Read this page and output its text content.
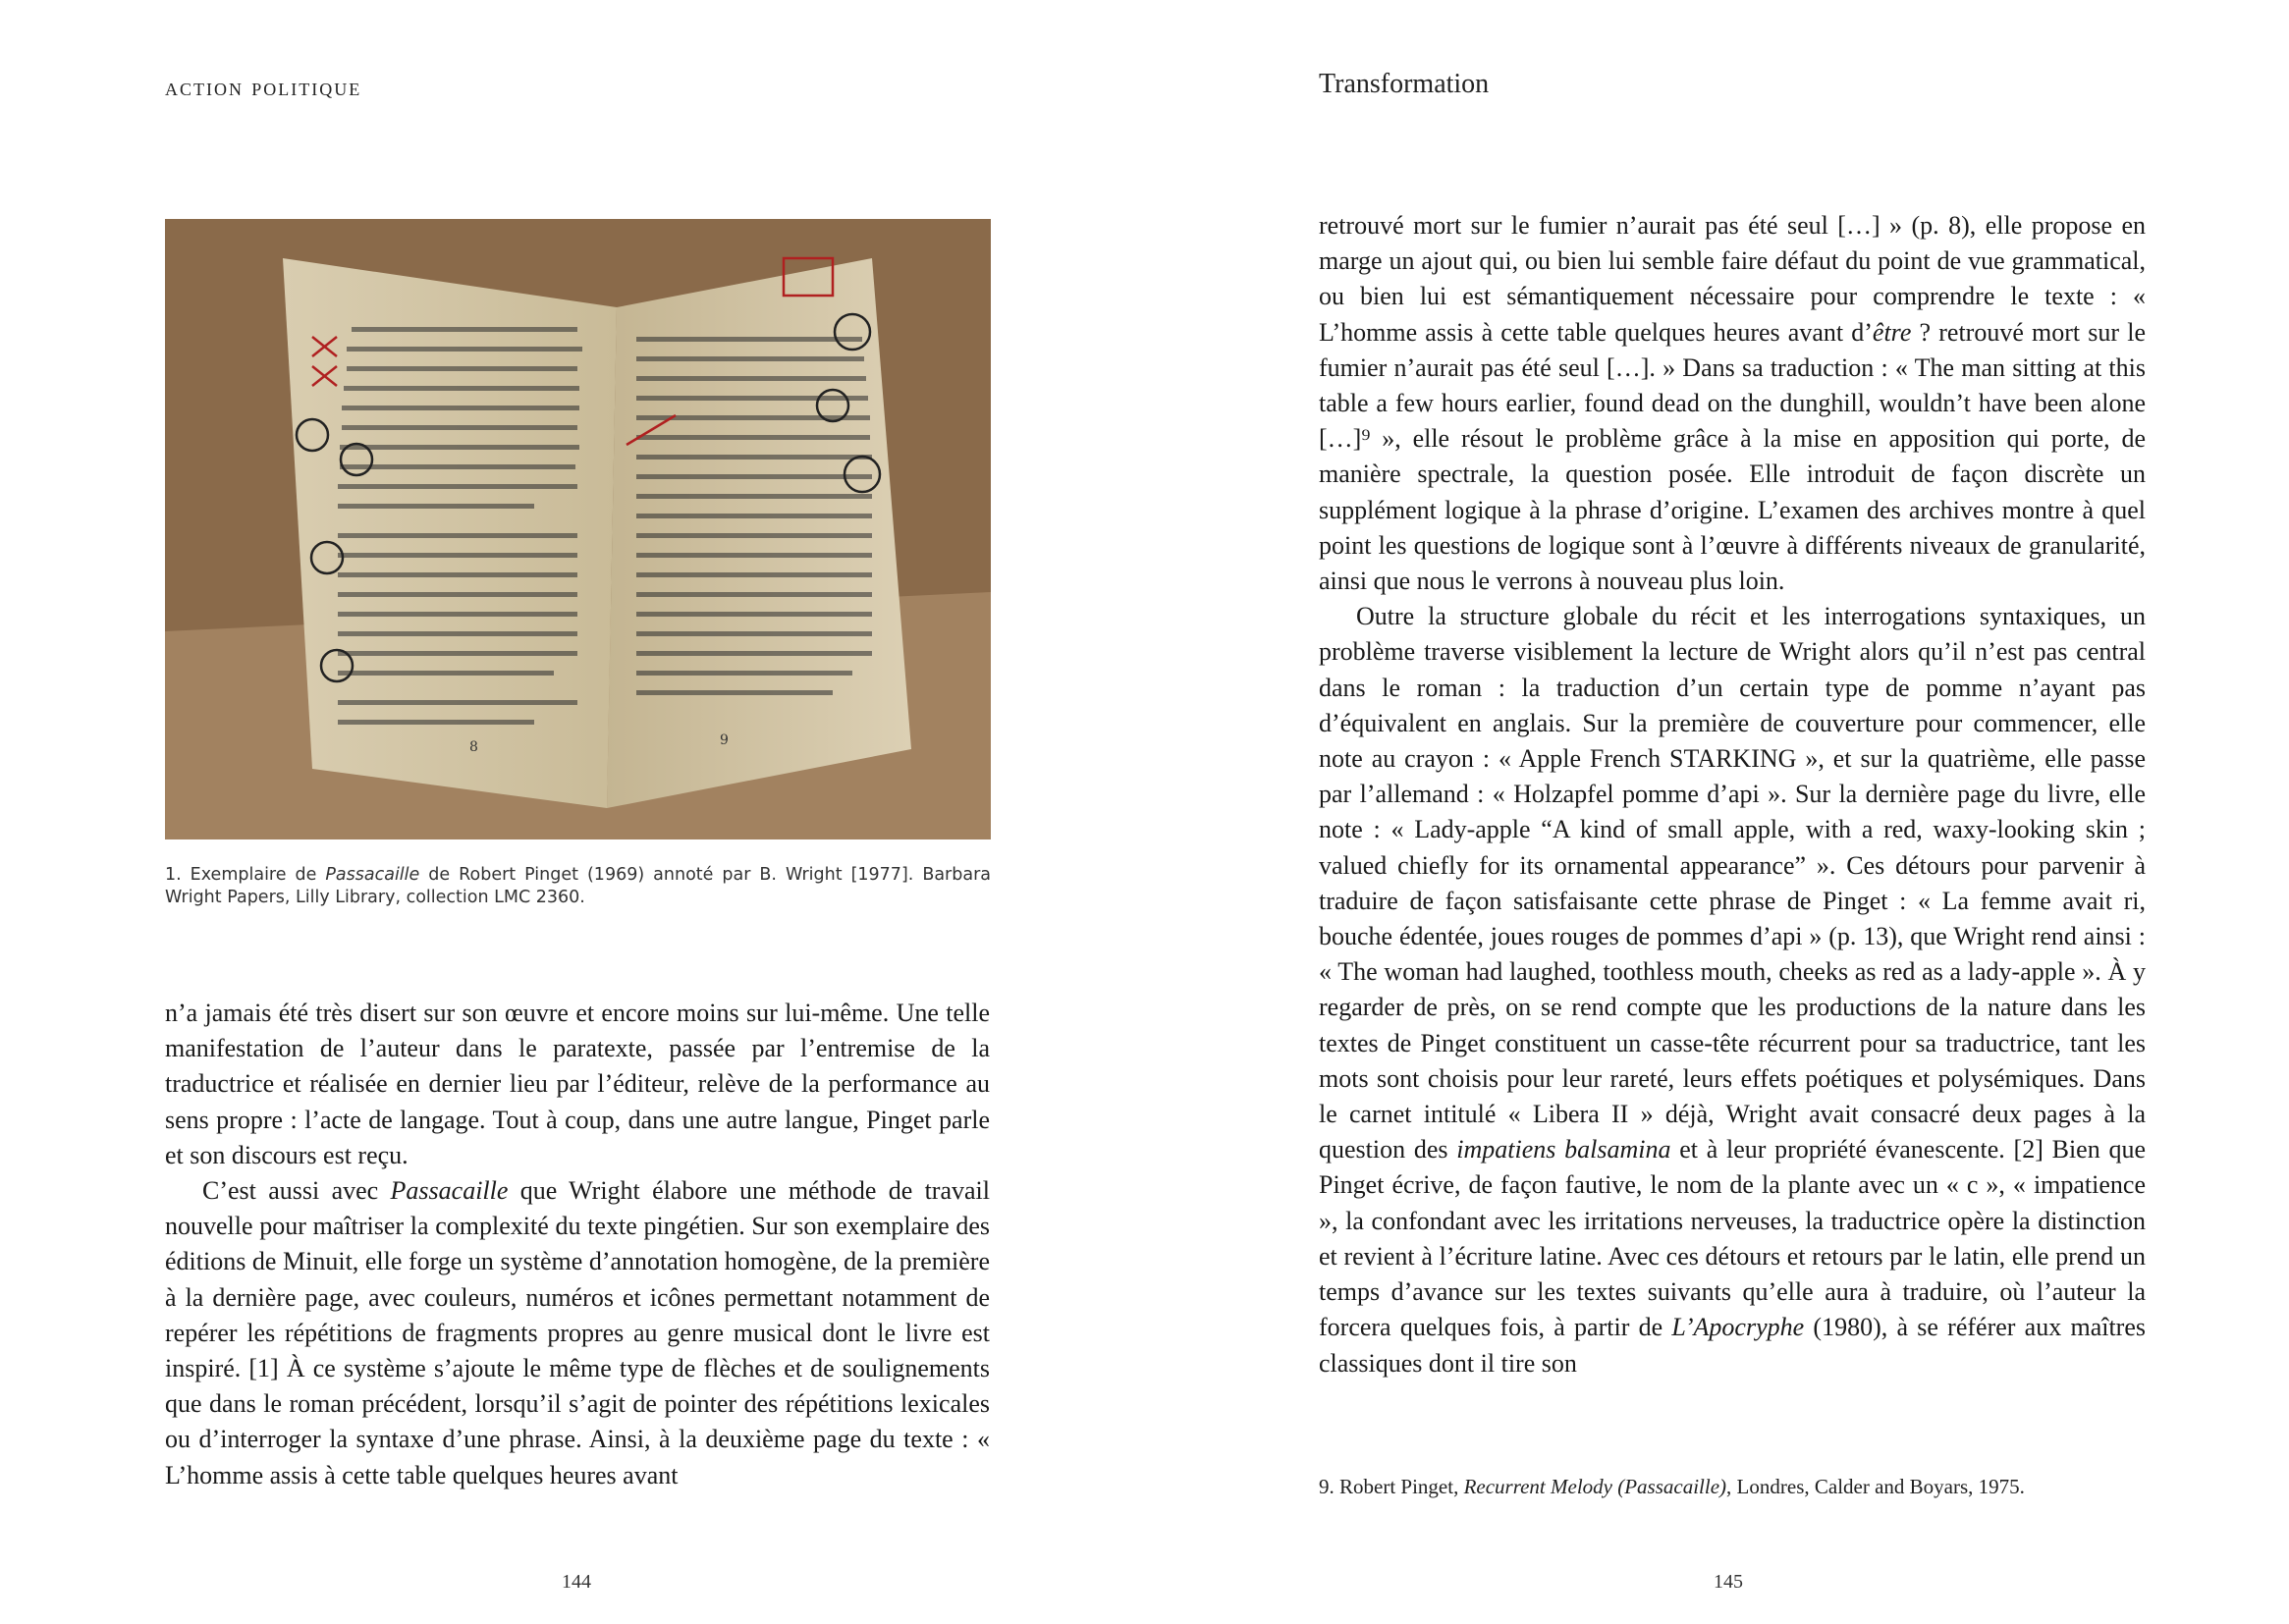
action politique	Transformation
8	9
1. Exemplaire de Passacaille de Robert Pinget (1969) annoté par B. Wright [1977]. Barbara Wright Papers, Lilly Library, collection LMC 2360.

n’a jamais été très disert sur son œuvre et encore moins sur lui-même. Une telle manifestation de l’auteur dans le paratexte, passée par l’entremise de la traductrice et réalisée en dernier lieu par l’éditeur, relève de la performance au sens propre : l’acte de langage. Tout à coup, dans une autre langue, Pinget parle et son discours est reçu.

C’est aussi avec Passacaille que Wright élabore une méthode de travail nouvelle pour maîtriser la complexité du texte pingétien. Sur son exemplaire des éditions de Minuit, elle forge un système d’annotation homogène, de la première à la dernière page, avec couleurs, numéros et icônes permettant notamment de repérer les répétitions de fragments propres au genre musical dont le livre est inspiré. [1] À ce système s’ajoute le même type de flèches et de soulignements que dans le roman précédent, lorsqu’il s’agit de pointer des répétitions lexicales ou d’interroger la syntaxe d’une phrase. Ainsi, à la deuxième page du texte : « L’homme assis à cette table quelques heures avant

retrouvé mort sur le fumier n’aurait pas été seul […] » (p. 8), elle propose en marge un ajout qui, ou bien lui semble faire défaut du point de vue grammatical, ou bien lui est sémantiquement nécessaire pour comprendre le texte : « L’homme assis à cette table quelques heures avant d’être ? retrouvé mort sur le fumier n’aurait pas été seul […]. » Dans sa traduction : « The man sitting at this table a few hours earlier, found dead on the dunghill, wouldn’t have been alone […]⁹ », elle résout le problème grâce à la mise en apposition qui porte, de manière spectrale, la question posée. Elle introduit de façon discrète un supplément logique à la phrase d’origine. L’examen des archives montre à quel point les questions de logique sont à l’œuvre à différents niveaux de granularité, ainsi que nous le verrons à nouveau plus loin.

Outre la structure globale du récit et les interrogations syntaxiques, un problème traverse visiblement la lecture de Wright alors qu’il n’est pas central dans le roman : la traduction d’un certain type de pomme n’ayant pas d’équivalent en anglais. Sur la première de couverture pour commencer, elle note au crayon : « Apple French STARKING », et sur la quatrième, elle passe par l’allemand : « Holzapfel pomme d’api ». Sur la dernière page du livre, elle note : « Lady-apple “A kind of small apple, with a red, waxy-looking skin ; valued chiefly for its ornamental appearance” ». Ces détours pour parvenir à traduire de façon satisfaisante cette phrase de Pinget : « La femme avait ri, bouche édentée, joues rouges de pommes d’api » (p. 13), que Wright rend ainsi : « The woman had laughed, toothless mouth, cheeks as red as a lady-apple ». À y regarder de près, on se rend compte que les productions de la nature dans les textes de Pinget constituent un casse-tête récurrent pour sa traductrice, tant les mots sont choisis pour leur rareté, leurs effets poétiques et polysémiques. Dans le carnet intitulé « Libera II » déjà, Wright avait consacré deux pages à la question des impatiens balsamina et à leur propriété évanescente. [2] Bien que Pinget écrive, de façon fautive, le nom de la plante avec un « c », « impatience », la confondant avec les irritations nerveuses, la traductrice opère la distinction et revient à l’écriture latine. Avec ces détours et retours par le latin, elle prend un temps d’avance sur les textes suivants qu’elle aura à traduire, où l’auteur la forcera quelques fois, à partir de L’Apocryphe (1980), à se référer aux maîtres classiques dont il tire son

9. Robert Pinget, Recurrent Melody (Passacaille), Londres, Calder and Boyars, 1975.
144	145
